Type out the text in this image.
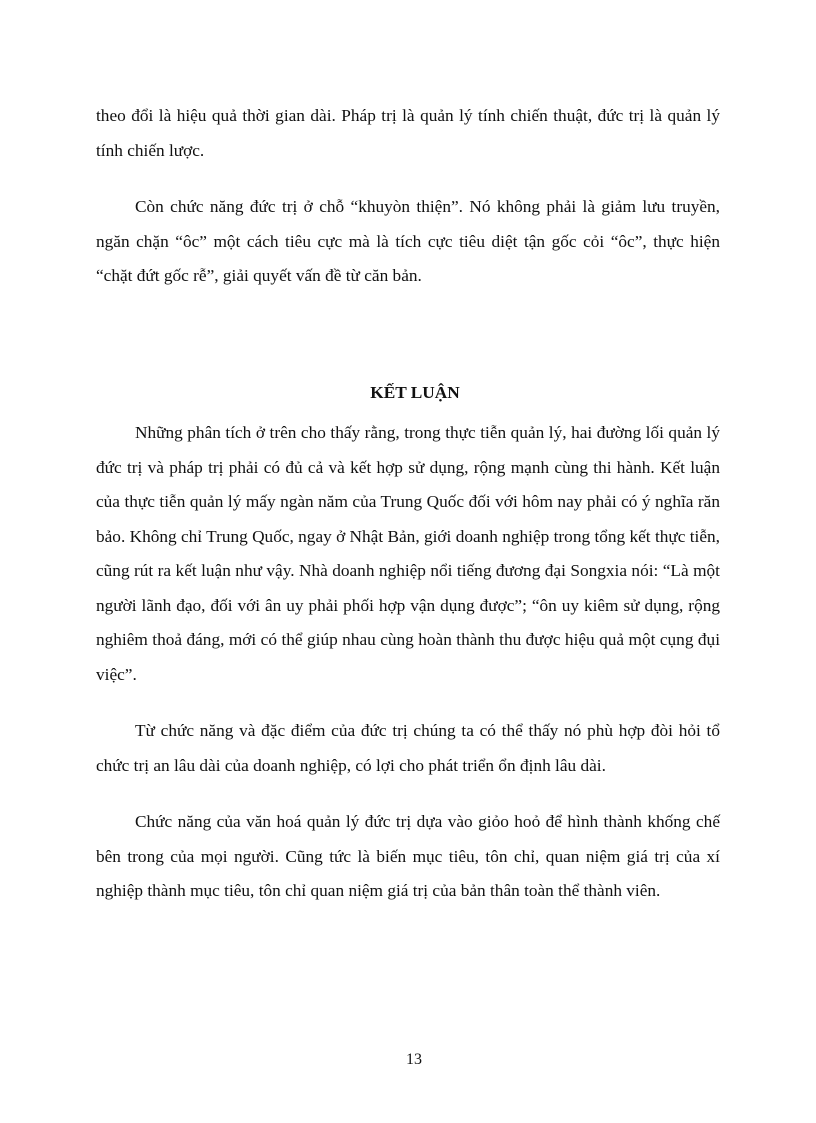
theo đổi là hiệu quả thời gian dài. Pháp trị là quản lý tính chiến thuật, đức trị là quản lý tính chiến lược.

Còn chức năng đức trị ở chỗ “khuyòn thiện”. Nó không phải là giảm lưu truyền, ngăn chặn “ôc” một cách tiêu cực mà là tích cực tiêu diệt tận gốc cỏi “ôc”, thực hiện “chặt đứt gốc rễ”, giải quyết vấn đề từ căn bản.

KẾT LUẬN

Những phân tích ở trên cho thấy rằng, trong thực tiễn quản lý, hai đường lối quản lý đức trị và pháp trị phải có đủ cả và kết hợp sử dụng, rộng mạnh cùng thi hành. Kết luận của thực tiễn quản lý mấy ngàn năm của Trung Quốc đối với hôm nay phải có ý nghĩa răn bảo. Không chỉ Trung Quốc, ngay ở Nhật Bản, giới doanh nghiệp trong tổng kết thực tiễn, cũng rút ra kết luận như vậy. Nhà doanh nghiệp nổi tiếng đương đại Songxia nói: “Là một người lãnh đạo, đối với ân uy phải phối hợp vận dụng được”; “ôn uy kiêm sử dụng, rộng nghiêm thoả đáng, mới có thể giúp nhau cùng hoàn thành thu được hiệu quả một cụng đụi việc”.

Từ chức năng và đặc điểm của đức trị chúng ta có thể thấy nó phù hợp đòi hỏi tổ chức trị an lâu dài của doanh nghiệp, có lợi cho phát triển ổn định lâu dài.

Chức năng của văn hoá quản lý đức trị dựa vào giỏo hoỏ để hình thành khống chế bên trong của mọi người. Cũng tức là biến mục tiêu, tôn chỉ, quan niệm giá trị của xí nghiệp thành mục tiêu, tôn chỉ quan niệm giá trị của bản thân toàn thể thành viên.

13
